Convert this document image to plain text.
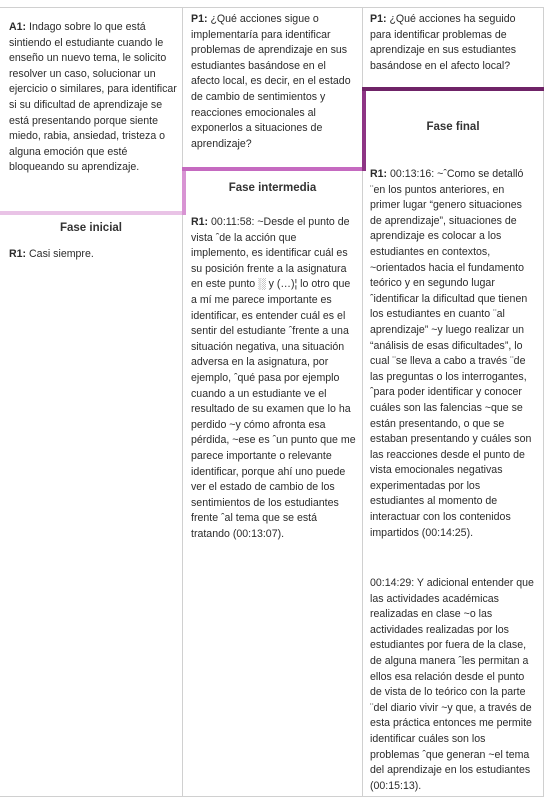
A1: Indago sobre lo que está sintiendo el estudiante cuando le enseño un nuevo tema, le solicito resolver un caso, solucionar un ejercicio o similares, para identificar si su dificultad de aprendizaje se está presentando porque siente miedo, rabia, ansiedad, tristeza o alguna emoción que esté bloqueando su aprendizaje.
Fase inicial
R1: Casi siempre.
P1: ¿Qué acciones sigue o implementaría para identificar problemas de aprendizaje en sus estudiantes basándose en el afecto local, es decir, en el estado de cambio de sentimientos y reacciones emocionales al exponerlos a situaciones de aprendizaje?
Fase intermedia
R1: 00:11:58: ~Desde el punto de vista ˆde la acción que implemento, es identificar cuál es su posición frente a la asignatura en este punto ░ y (…)¦ lo otro que a mí me parece importante es identificar, es entender cuál es el sentir del estudiante ˆfrente a una situación negativa, una situación adversa en la asignatura, por ejemplo, ˆqué pasa por ejemplo cuando a un estudiante ve el resultado de su examen que lo ha perdido ~y cómo afronta esa pérdida, ~ese es ˆun punto que me parece importante o relevante identificar, porque ahí uno puede ver el estado de cambio de los sentimientos de los estudiantes frente ˆal tema que se está tratando (00:13:07).
P1: ¿Qué acciones ha seguido para identificar problemas de aprendizaje en sus estudiantes basándose en el afecto local?
Fase final
R1: 00:13:16: ~ˆComo se detalló ¨en los puntos anteriores, en primer lugar “genero situaciones de aprendizaje”, situaciones de aprendizaje es colocar a los estudiantes en contextos, ~orientados hacia el fundamento teórico y en segundo lugar ˆidentificar la dificultad que tienen los estudiantes en cuanto ¨al aprendizaje” ~y luego realizar un “análisis de esas dificultades”, lo cual ¨se lleva a cabo a través ¨de las preguntas o los interrogantes, ˆpara poder identificar y conocer cuáles son las falencias ~que se están presentando, o que se estaban presentando y cuáles son las reacciones desde el punto de vista emocionales negativas experimentadas por los estudiantes al momento de interactuar con los contenidos impartidos (00:14:25).
00:14:29: Y adicional entender que las actividades académicas realizadas en clase ~o las actividades realizadas por los estudiantes por fuera de la clase, de alguna manera ˆles permitan a ellos esa relación desde el punto de vista de lo teórico con la parte ¨del diario vivir ~y que, a través de esta práctica entonces me permite identificar cuáles son los problemas ˆque generan ~el tema del aprendizaje en los estudiantes (00:15:13).
